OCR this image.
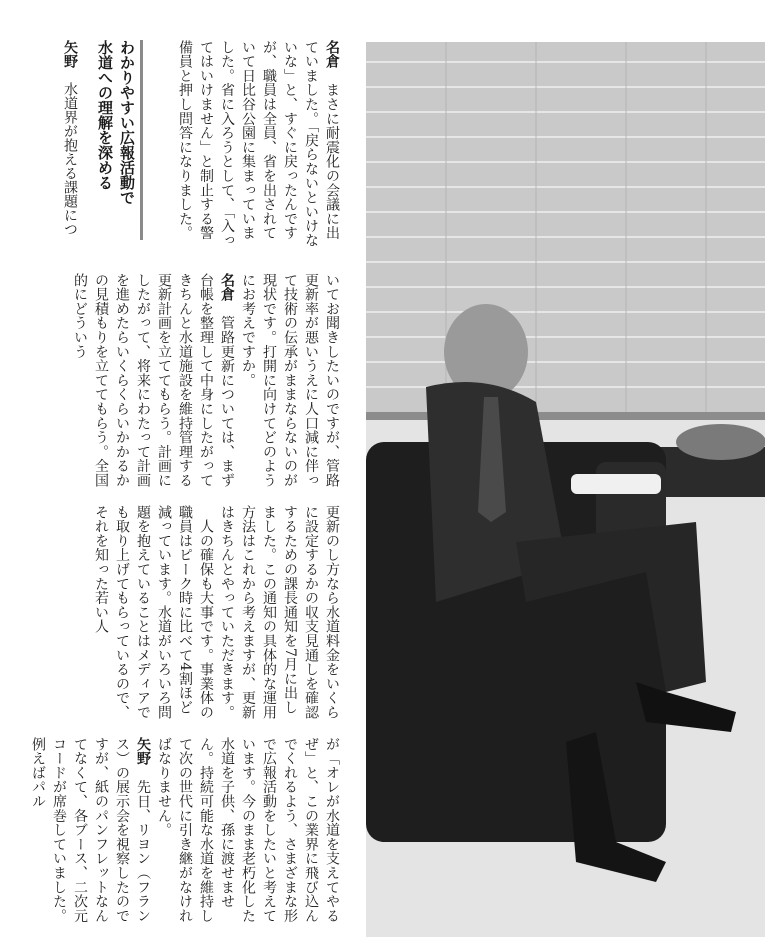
名倉　まさに耐震化の会議に出ていました。「戻らないといけないな」と、すぐに戻ったんですが、職員は全員、省を出されていて日比谷公園に集まっていました。省に入ろうとして、「入ってはいけません」と制止する警備員と押し問答になりました。
わかりやすい広報活動で
水道への理解を深める
矢野　水道界が抱える課題につ
いてお聞きしたいのですが、管路更新率が悪いうえに人口減に伴って技術の伝承がままならないのが現状です。打開に向けてどのようにお考えですか。
名倉　管路更新については、まず台帳を整理して中身にしたがってきちんと水道施設を維持管理する更新計画を立ててもらう。計画にしたがって、将来にわたって計画を進めたらいくらくらいかかるかの見積もりを立ててもらう。全国的にどういう
更新のし方なら水道料金をいくらに設定するかの収支見通しを確認するための課長通知を7月に出しました。この通知の具体的な運用方法はこれから考えますが、更新はきちんとやっていただきます。
　人の確保も大事です。事業体の職員はピーク時に比べて4割ほど減っています。水道がいろいろ問題を抱えていることはメディアでも取り上げてもらっているので、それを知った若い人
が「オレが水道を支えてやるぜ」と、この業界に飛び込んでくれるよう、さまざまな形で広報活動をしたいと考えています。今のまま老朽化した水道を子供、孫に渡せません。持続可能な水道を維持して次の世代に引き継がなければなりません。
矢野　先日、リヨン（フランス）の展示会を視察したのですが、紙のパンフレットなんてなくて、各ブース、二次元コードが席巻していました。例えばパル
